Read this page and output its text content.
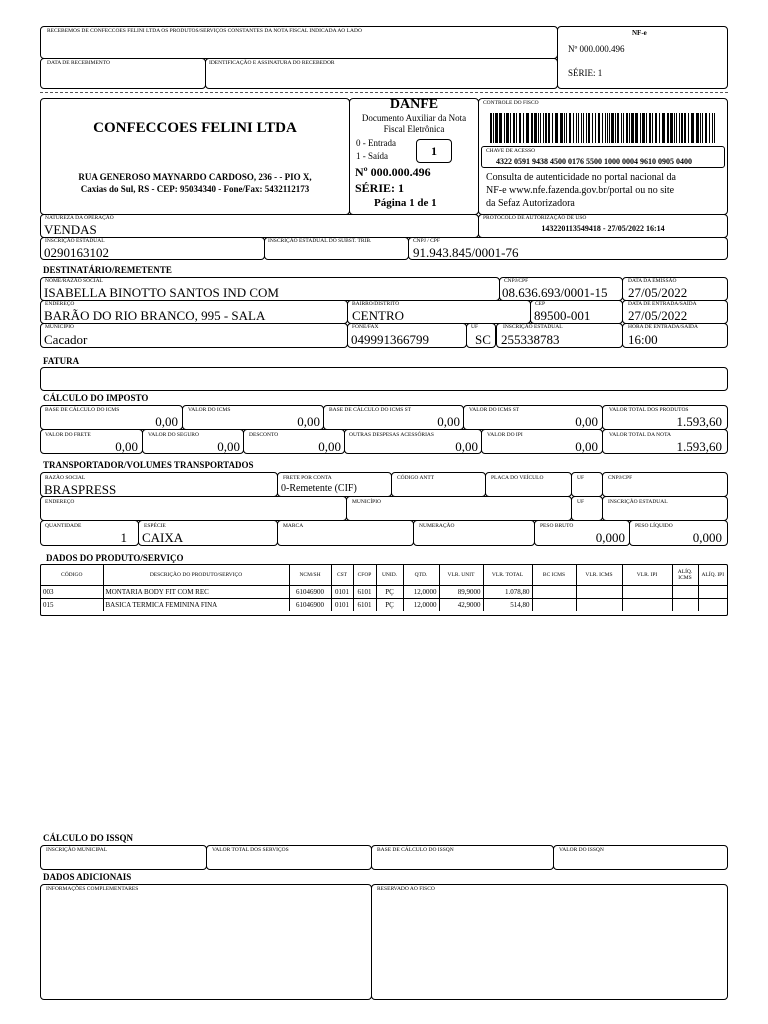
RECEBEMOS DE CONFECCOES FELINI LTDA OS PRODUTOS/SERVIÇOS CONSTANTES DA NOTA FISCAL INDICADA AO LADO
DATA DE RECEBIMENTO	IDENTIFICAÇÃO E ASSINATURA DO RECEBEDOR
NF-e
Nº 000.000.496
SÉRIE: 1
CONFECCOES FELINI LTDA
RUA GENEROSO MAYNARDO CARDOSO, 236 - - PIO X,
Caxias do Sul, RS - CEP: 95034340 - Fone/Fax: 5432112173
DANFE
Documento Auxiliar da Nota
Fiscal Eletrônica
0 - Entrada
1 - Saída	1
Nº 000.000.496
SÉRIE: 1
Página 1 de 1
CONTROLE DO FISCO
CHAVE DE ACESSO
4322 0591 9438 4500 0176 5500 1000 0004 9610 0905 0400
Consulta de autenticidade no portal nacional da
NF-e www.nfe.fazenda.gov.br/portal ou no site
da Sefaz Autorizadora
NATUREZA DA OPERAÇÃO
VENDAS
PROTOCOLO DE AUTORIZAÇÃO DE USO
143220113549418 - 27/05/2022 16:14
INSCRIÇÃO ESTADUAL
0290163102
INSCRIÇÃO ESTADUAL DO SUBST. TRIB.	CNPJ / CPF
91.943.845/0001-76
DESTINATÁRIO/REMETENTE
NOME/RAZÃO SOCIAL
ISABELLA BINOTTO SANTOS IND COM
CNPJ/CPF
08.636.693/0001-15
DATA DA EMISSÃO
27/05/2022
ENDEREÇO
BARÃO DO RIO BRANCO, 995 - SALA
BAIRRO/DISTRITO
CENTRO
CEP
89500-001
DATA DE ENTRADA/SAÍDA
27/05/2022
MUNICÍPIO
Cacador
FONE/FAX
049991366799
UF
SC
INSCRIÇÃO ESTADUAL
255338783
HORA DE ENTRADA/SAÍDA
16:00
FATURA
CÁLCULO DO IMPOSTO
BASE DE CÁLCULO DO ICMS
0,00
VALOR DO ICMS
0,00
BASE DE CÁLCULO DO ICMS ST
0,00
VALOR DO ICMS ST
0,00
VALOR TOTAL DOS PRODUTOS
1.593,60
VALOR DO FRETE
0,00
VALOR DO SEGURO
0,00
DESCONTO
0,00
OUTRAS DESPESAS ACESSÓRIAS
0,00
VALOR DO IPI
0,00
VALOR TOTAL DA NOTA
1.593,60
TRANSPORTADOR/VOLUMES TRANSPORTADOS
RAZÃO SOCIAL
BRASPRESS
FRETE POR CONTA
0-Remetente (CIF)
CÓDIGO ANTT	PLACA DO VEÍCULO	UF	CNPJ/CPF
ENDEREÇO	MUNICÍPIO	UF	INSCRIÇÃO ESTADUAL
QUANTIDADE
1
ESPÉCIE
CAIXA
MARCA	NUMERAÇÃO	PESO BRUTO
0,000
PESO LÍQUIDO
0,000
DADOS DO PRODUTO/SERVIÇO
CÓDIGO	DESCRIÇÃO DO PRODUTO/SERVIÇO	NCM/SH	CST	CFOP	UNID.	QTD.	VLR. UNIT	VLR. TOTAL	BC ICMS	VLR. ICMS	VLR. IPI	ALÍQ. ICMS	ALÍQ. IPI
003	MONTARIA BODY FIT COM REC	61046900	0101	6101	PÇ	12,0000	89,9000	1.078,80					
015	BASICA TERMICA FEMININA FINA	61046900	0101	6101	PÇ	12,0000	42,9000	514,80					
CÁLCULO DO ISSQN
INSCRIÇÃO MUNICIPAL	VALOR TOTAL DOS SERVIÇOS	BASE DE CÁLCULO DO ISSQN	VALOR DO ISSQN
DADOS ADICIONAIS
INFORMAÇÕES COMPLEMENTARES	RESERVADO AO FISCO
